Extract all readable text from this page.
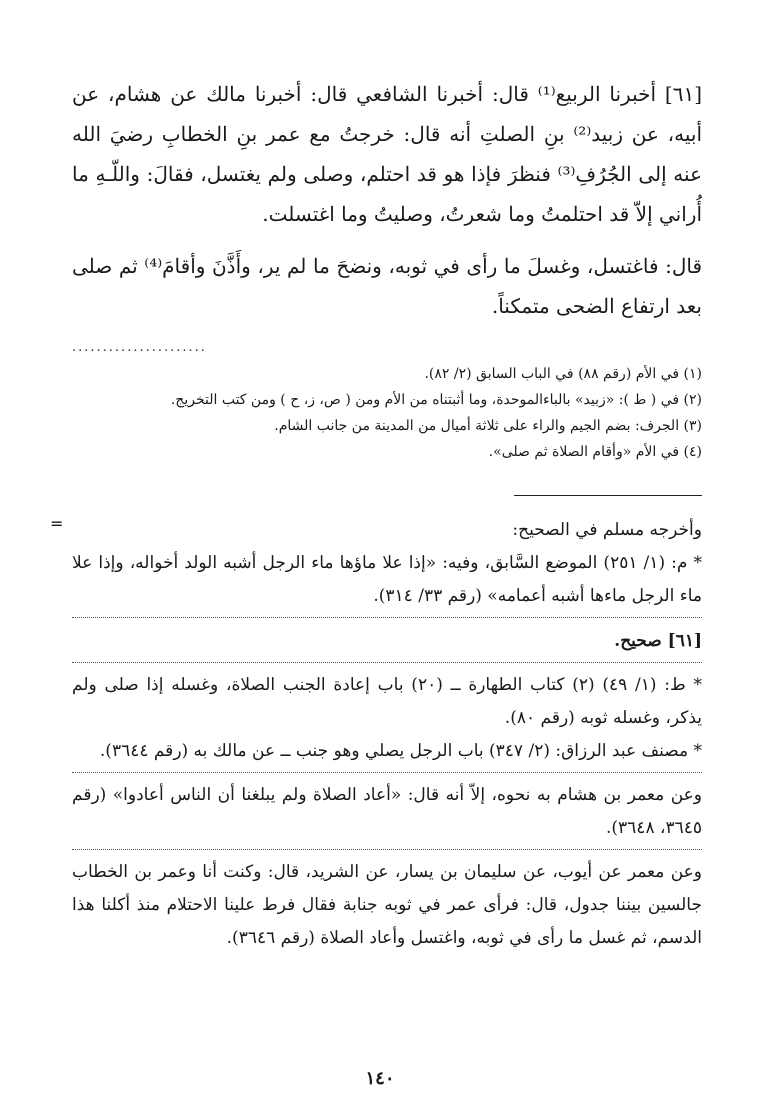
[٦١] أخبرنا الربيع⁽¹⁾ قال: أخبرنا الشافعي قال: أخبرنا مالك عن هشام، عن أبيه، عن زبيد⁽²⁾ بنِ الصلتِ أنه قال: خرجتُ مع عمر بنِ الخطابِ رضيَ الله عنه إلى الجُرُفِ⁽³⁾ فنظرَ فإذا هو قد احتلم، وصلى ولم يغتسل، فقالَ: واللّـهِ ما أُراني إلاّ قد احتلمتُ وما شعرتُ، وصليتُ وما اغتسلت.

قال: فاغتسل، وغسلَ ما رأى في ثوبه، ونضحَ ما لم ير، وأَذَّنَ وأقامَ⁽⁴⁾ ثم صلى بعد ارتفاع الضحى متمكناً.

......................

(١) في الأم (رقم ٨٨) في الباب السابق (٢/ ٨٢).

(٢) في ( ط ): «زبيد» بالباءالموحدة، وما أثبتناه من الأم ومن ( ص، ز، ح ) ومن كتب التخريج.

(٣) الجرف: بضم الجيم والراء على ثلاثة أميال من المدينة من جانب الشام.

(٤) في الأم «وأقام الصلاة ثم صلى».

وأخرجه مسلم في الصحيح:
=

* م: (١/ ٢٥١) الموضع السَّابق، وفيه: «إذا علا ماؤها ماء الرجل أشبه الولد أخواله، وإذا علا ماء الرجل ماءها أشبه أعمامه» (رقم ٣٣/ ٣١٤).

[٦١] صحيح.

* ط: (١/ ٤٩) (٢) كتاب الطهارة ــ (٢٠) باب إعادة الجنب الصلاة، وغسله إذا صلى ولم يذكر، وغسله ثوبه (رقم ٨٠).

* مصنف عبد الرزاق: (٢/ ٣٤٧) باب الرجل يصلي وهو جنب ــ عن مالك به (رقم ٣٦٤٤).

وعن معمر بن هشام به نحوه، إلاّ أنه قال: «أعاد الصلاة ولم يبلغنا أن الناس أعادوا» (رقم ٣٦٤٥، ٣٦٤٨).

وعن معمر عن أيوب، عن سليمان بن يسار، عن الشريد، قال: وكنت أنا وعمر بن الخطاب جالسين بيننا جدول، قال: فرأى عمر في ثوبه جنابة فقال فرط علينا الاحتلام منذ أكلنا هذا الدسم، ثم غسل ما رأى في ثوبه، واغتسل وأعاد الصلاة (رقم ٣٦٤٦).

١٤٠
